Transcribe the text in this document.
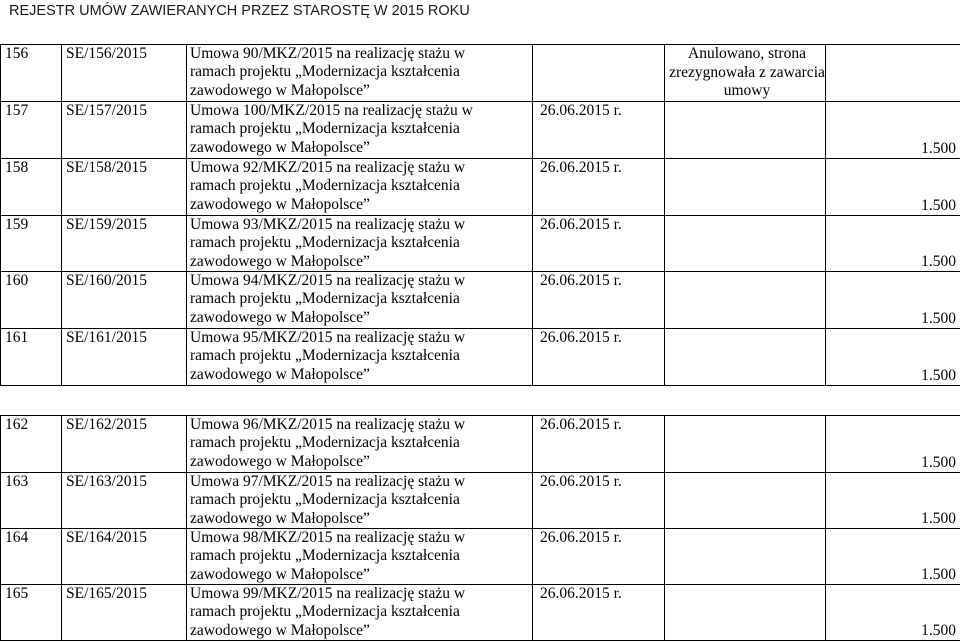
REJESTR UMÓW ZAWIERANYCH PRZEZ STAROSTĘ W 2015 ROKU
156	SE/156/2015	Umowa 90/MKZ/2015 na realizację stażu w
ramach projektu „Modernizacja kształcenia
zawodowego w Małopolsce”		Anulowano, strona
zrezygnowała z zawarcia
umowy	

157	SE/157/2015	Umowa 100/MKZ/2015 na realizację stażu w
ramach projektu „Modernizacja kształcenia
zawodowego w Małopolsce”	26.06.2015 r.		1.500

158	SE/158/2015	Umowa 92/MKZ/2015 na realizację stażu w
ramach projektu „Modernizacja kształcenia
zawodowego w Małopolsce”	26.06.2015 r.		1.500

159	SE/159/2015	Umowa 93/MKZ/2015 na realizację stażu w
ramach projektu „Modernizacja kształcenia
zawodowego w Małopolsce”	26.06.2015 r.		1.500

160	SE/160/2015	Umowa 94/MKZ/2015 na realizację stażu w
ramach projektu „Modernizacja kształcenia
zawodowego w Małopolsce”	26.06.2015 r.		1.500

161	SE/161/2015	Umowa 95/MKZ/2015 na realizację stażu w
ramach projektu „Modernizacja kształcenia
zawodowego w Małopolsce”	26.06.2015 r.		1.500
162	SE/162/2015	Umowa 96/MKZ/2015 na realizację stażu w
ramach projektu „Modernizacja kształcenia
zawodowego w Małopolsce”	26.06.2015 r.		1.500

163	SE/163/2015	Umowa 97/MKZ/2015 na realizację stażu w
ramach projektu „Modernizacja kształcenia
zawodowego w Małopolsce”	26.06.2015 r.		1.500

164	SE/164/2015	Umowa 98/MKZ/2015 na realizację stażu w
ramach projektu „Modernizacja kształcenia
zawodowego w Małopolsce”	26.06.2015 r.		1.500

165	SE/165/2015	Umowa 99/MKZ/2015 na realizację stażu w
ramach projektu „Modernizacja kształcenia
zawodowego w Małopolsce”	26.06.2015 r.		1.500
